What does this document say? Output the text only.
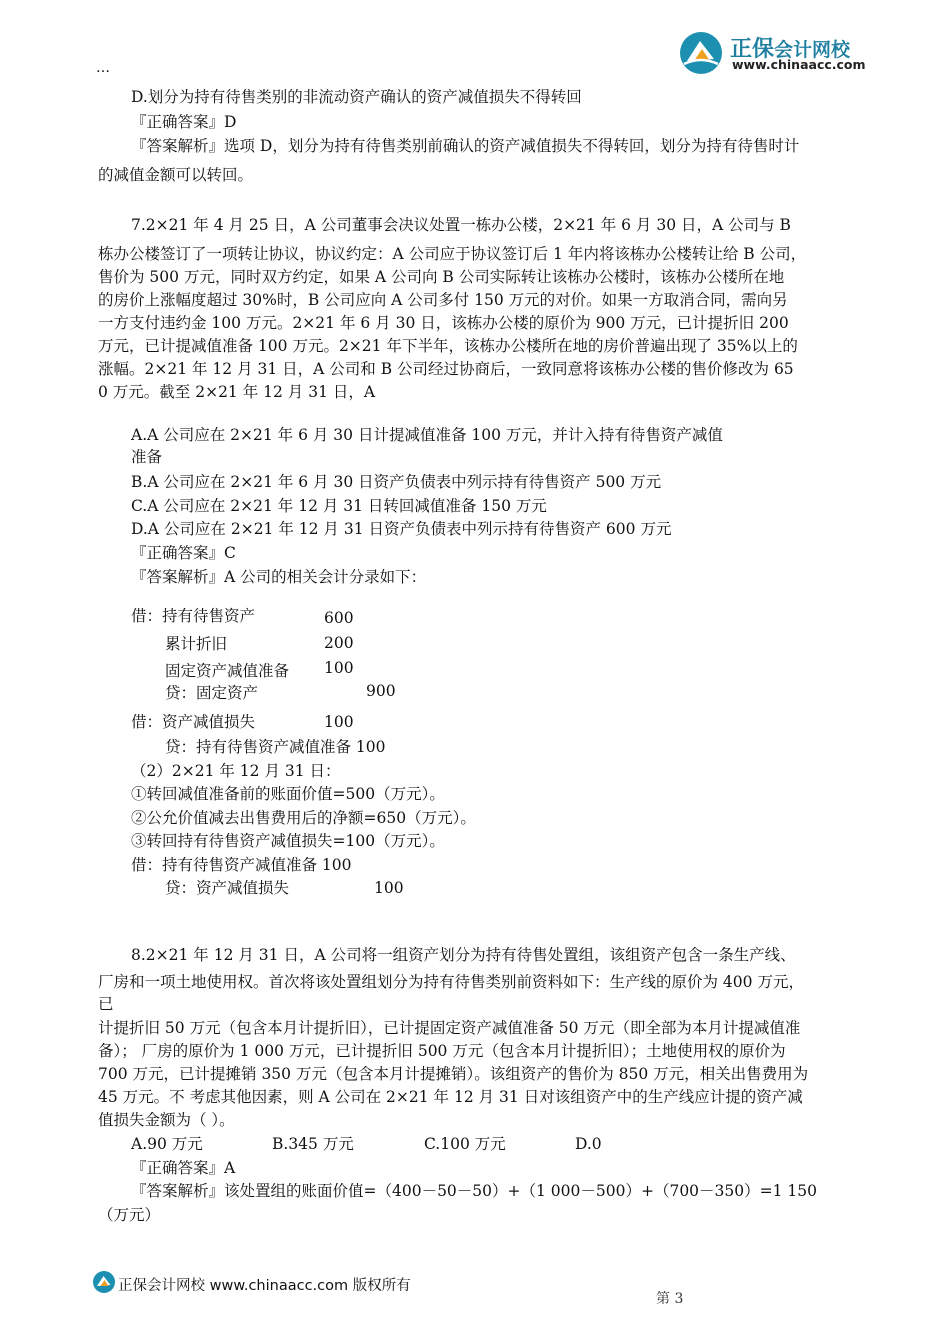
…
正保会计网校
www.chinaacc.com
D.划分为持有待售类别的非流动资产确认的资产减值损失不得转回
『正确答案』D
『答案解析』选项 D，划分为持有待售类别前确认的资产减值损失不得转回，划分为持有待售时计
的减值金额可以转回。
7.2×21 年 4 月 25 日，A 公司董事会决议处置一栋办公楼，2×21 年 6 月 30 日，A 公司与 B
栋办公楼签订了一项转让协议，协议约定：A 公司应于协议签订后 1 年内将该栋办公楼转让给 B 公司，
售价为 500 万元，同时双方约定，如果 A 公司向 B 公司实际转让该栋办公楼时，该栋办公楼所在地
的房价上涨幅度超过 30%时，B 公司应向 A 公司多付 150 万元的对价。如果一方取消合同，需向另
一方支付违约金 100 万元。2×21 年 6 月 30 日，该栋办公楼的原价为 900 万元，已计提折旧 200
万元，已计提减值准备 100 万元。2×21 年下半年，该栋办公楼所在地的房价普遍出现了 35%以上的
涨幅。2×21 年 12 月 31 日，A 公司和 B 公司经过协商后，一致同意将该栋办公楼的售价修改为 65
0 万元。截至 2×21 年 12 月 31 日，A
A.A 公司应在 2×21 年 6 月 30 日计提减值准备 100 万元，并计入持有待售资产减值
准备
B.A 公司应在 2×21 年 6 月 30 日资产负债表中列示持有待售资产 500 万元
C.A 公司应在 2×21 年 12 月 31 日转回减值准备 150 万元
D.A 公司应在 2×21 年 12 月 31 日资产负债表中列示持有待售资产 600 万元
『正确答案』C
『答案解析』A 公司的相关会计分录如下：
借：持有待售资产	600
累计折旧	200
固定资产减值准备 100
贷：固定资产	900
借：资产减值损失	100
贷：持有待售资产减值准备 100
（2）2×21 年 12 月 31 日：
①转回减值准备前的账面价值=500（万元）。
②公允价值减去出售费用后的净额=650（万元）。
③转回持有待售资产减值损失=100（万元）。
借：持有待售资产减值准备 100
贷：资产减值损失	100
8.2×21 年 12 月 31 日，A 公司将一组资产划分为持有待售处置组，该组资产包含一条生产线、
厂房和一项土地使用权。首次将该处置组划分为持有待售类别前资料如下：生产线的原价为 400 万元，
已
计提折旧 50 万元（包含本月计提折旧），已计提固定资产减值准备 50 万元（即全部为本月计提减值准
备）； 厂房的原价为 1 000 万元，已计提折旧 500 万元（包含本月计提折旧）；土地使用权的原价为
700 万元，已计提摊销 350 万元（包含本月计提摊销）。该组资产的售价为 850 万元，相关出售费用为
45 万元。不 考虑其他因素，则 A 公司在 2×21 年 12 月 31 日对该组资产中的生产线应计提的资产减
值损失金额为（ ）。
A.90 万元	B.345 万元	C.100 万元	D.0
『正确答案』A
『答案解析』该处置组的账面价值=（400－50－50）+（1 000－500）+（700－350）=1 150
（万元）
正保会计网校 www.chinaacc.com 版权所有
第 3
